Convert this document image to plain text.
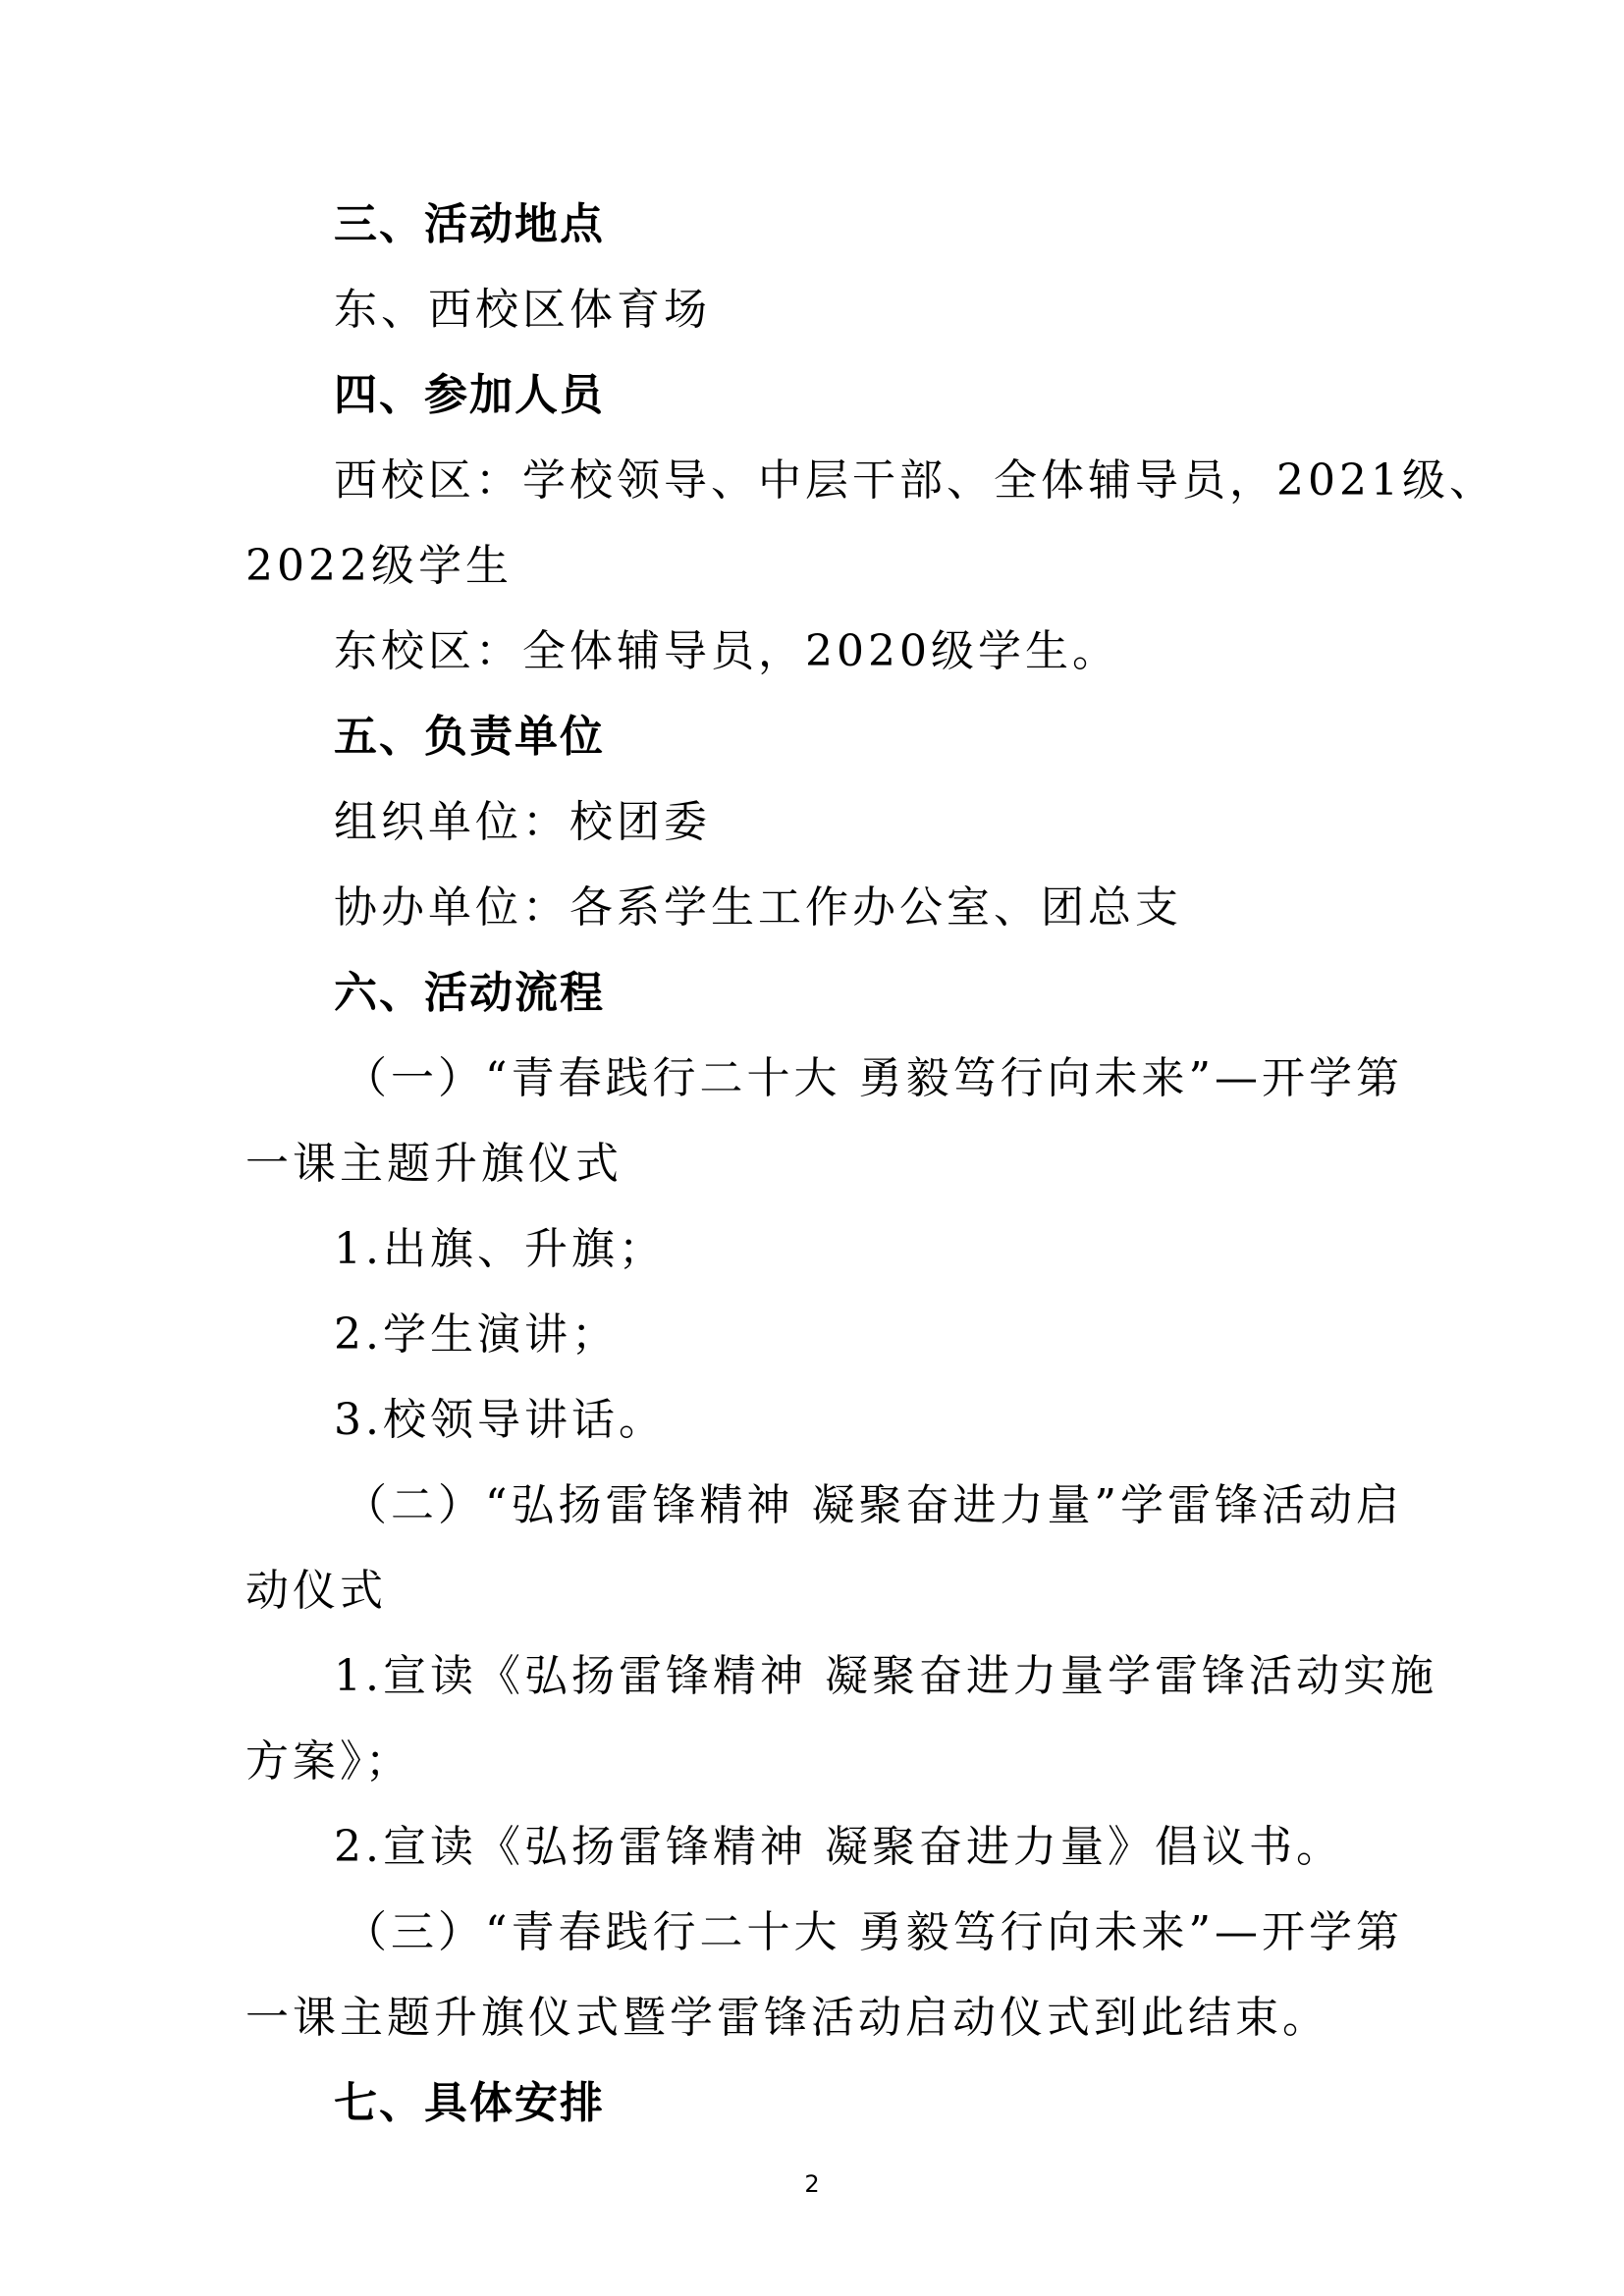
三、活动地点
东、西校区体育场
四、参加人员
西校区：学校领导、中层干部、全体辅导员，2021级、
2022级学生
东校区：全体辅导员，2020级学生。
五、负责单位
组织单位：校团委
协办单位：各系学生工作办公室、团总支
六、活动流程
（一）“青春践行二十大 勇毅笃行向未来”—开学第
一课主题升旗仪式
1.出旗、升旗；
2.学生演讲；
3.校领导讲话。
（二）“弘扬雷锋精神 凝聚奋进力量”学雷锋活动启
动仪式
1.宣读《弘扬雷锋精神 凝聚奋进力量学雷锋活动实施
方案》；
2.宣读《弘扬雷锋精神 凝聚奋进力量》倡议书。
（三）“青春践行二十大 勇毅笃行向未来”—开学第
一课主题升旗仪式暨学雷锋活动启动仪式到此结束。
七、具体安排
2
